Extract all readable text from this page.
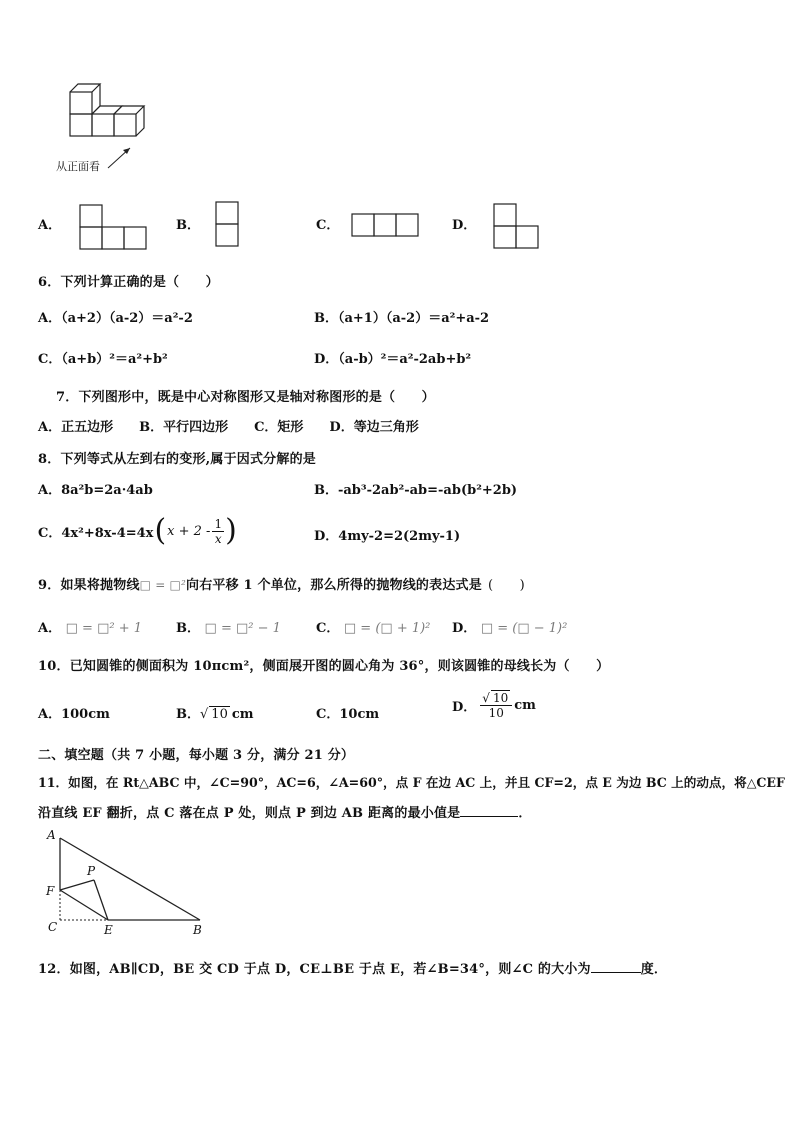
从正面看
A．	B．	C．	D．
6．下列计算正确的是（　　）
A．（a+2）（a-2）＝a²-2	B．（a+1）（a-2）＝a²+a-2
C．（a+b）²＝a²+b²	D．（a-b）²＝a²-2ab+b²
7．下列图形中，既是中心对称图形又是轴对称图形的是（　　）
A．正五边形　　B．平行四边形　　C．矩形　　D．等边三角形
8．下列等式从左到右的变形,属于因式分解的是
A．8a²b=2a·4ab	B．-ab³-2ab²-ab=-ab(b²+2b)
C．4x²+8x-4=4x ( $x + 2 - \frac{1}{x}$ )	D．4my-2=2(2my-1)
9．如果将抛物线□ = □²向右平移 1 个单位，那么所得的抛物线的表达式是 (　　)
A． □ = □² + 1	B． □ = □² − 1	C． □ = (□ + 1)² D． □ = (□ − 1)²
10．已知圆锥的侧面积为 10πcm²，侧面展开图的圆心角为 36°，则该圆锥的母线长为（　　）
A．100cm	B．√ 10 cm	C．10cm	D． $\frac{√ 10}{10}$ cm
二、填空题（共 7 小题，每小题 3 分，满分 21 分）
11．如图，在 Rt△ABC 中，∠C=90°，AC=6，∠A=60°，点 F 在边 AC 上，并且 CF=2，点 E 为边 BC 上的动点，将△CEF
沿直线 EF 翻折，点 C 落在点 P 处，则点 P 到边 AB 距离的最小值是	．
A
F
P
C	E	B
12．如图，AB∥CD，BE 交 CD 于点 D，CE⊥BE 于点 E，若∠B=34°，则∠C 的大小为	度．
